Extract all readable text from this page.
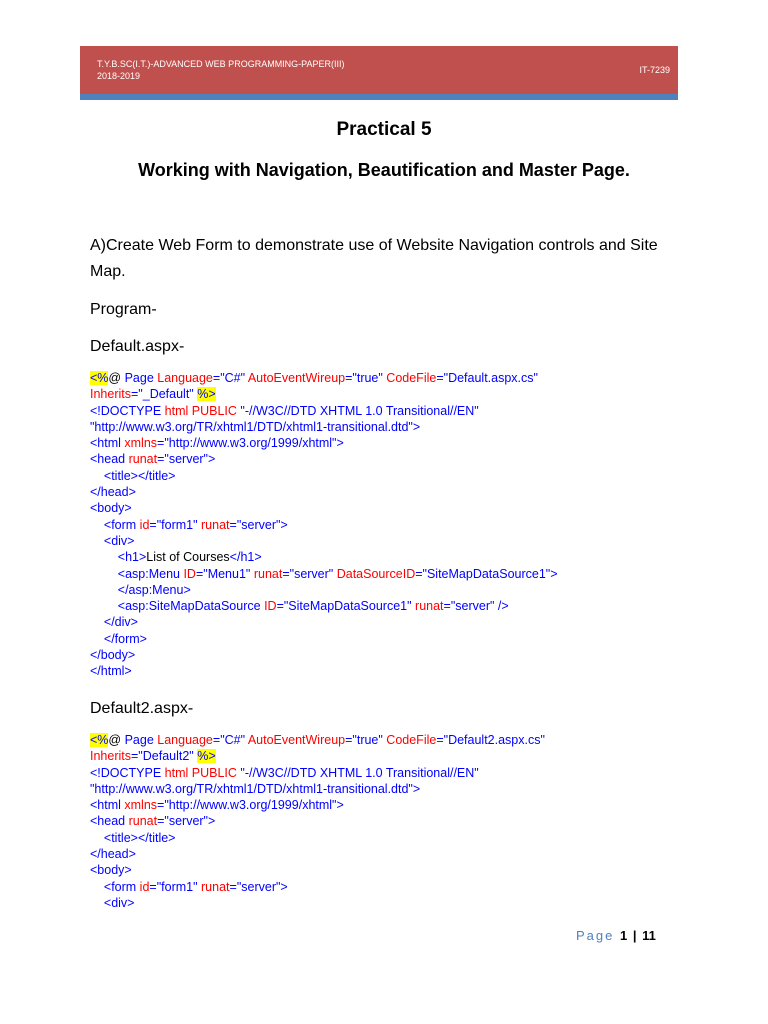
T.Y.B.SC(I.T.)-ADVANCED WEB PROGRAMMING-PAPER(III)
2018-2019
IT-7239
Practical 5
Working with Navigation, Beautification and Master Page.
A)Create Web Form to demonstrate use of Website Navigation controls and Site Map.
Program-
Default.aspx-
<%@ Page Language="C#" AutoEventWireup="true" CodeFile="Default.aspx.cs"
Inherits="_Default" %>
<!DOCTYPE html PUBLIC "-//W3C//DTD XHTML 1.0 Transitional//EN"
"http://www.w3.org/TR/xhtml1/DTD/xhtml1-transitional.dtd">
<html xmlns="http://www.w3.org/1999/xhtml">
<head runat="server">
<title></title>
</head>
<body>
<form id="form1" runat="server">
<div>
<h1>List of Courses</h1>
<asp:Menu ID="Menu1" runat="server" DataSourceID="SiteMapDataSource1">
</asp:Menu>
<asp:SiteMapDataSource ID="SiteMapDataSource1" runat="server" />
</div>
</form>
</body>
</html>
Default2.aspx-
<%@ Page Language="C#" AutoEventWireup="true" CodeFile="Default2.aspx.cs"
Inherits="Default2" %>
<!DOCTYPE html PUBLIC "-//W3C//DTD XHTML 1.0 Transitional//EN"
"http://www.w3.org/TR/xhtml1/DTD/xhtml1-transitional.dtd">
<html xmlns="http://www.w3.org/1999/xhtml">
<head runat="server">
<title></title>
</head>
<body>
<form id="form1" runat="server">
<div>
Page 1 | 11
